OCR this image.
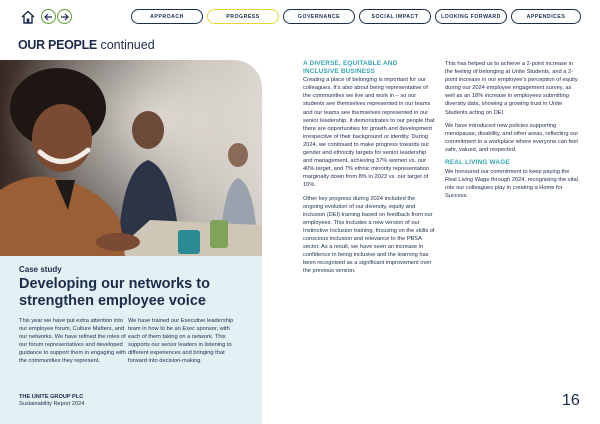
APPROACH	PROGRESS	GOVERNANCE	SOCIAL IMPACT	LOOKING FORWARD	APPENDICES
OUR PEOPLE continued
Case study
Developing our networks to strengthen employee voice
This year we have put extra attention into our employee forum, Culture Matters, and our networks. We have refined the roles of our forum representatives and developed guidance to support them in engaging with the communities they represent.
We have trained our Executive leadership team in how to be an Exec sponsor, with each of them taking on a network. This supports our senior leaders in listening to different experiences and bringing that forward into decision-making.
THE UNITE GROUP PLC
Sustainability Report 2024

A DIVERSE, EQUITABLE AND INCLUSIVE BUSINESS

Creating a place of belonging is important for our colleagues. It’s also about being representative of the communities we live and work in – so our students see themselves represented in our teams and our teams see themselves represented in our senior leadership. It demonstrates to our people that there are opportunities for growth and development irrespective of their background or identity. During 2024, we continued to make progress towards our gender and ethnicity targets for senior leadership and management, achieving 37% women vs. our 40% target, and 7% ethnic minority representation marginally down from 8% in 2023 vs. our target of 10%.

Other key progress during 2024 included the ongoing evolution of our diversity, equity and inclusion (DEI) training based on feedback from our employees. This includes a new version of our Instinctive Inclusion training, focusing on the skills of conscious inclusion and relevance to the PBSA sector. As a result, we have seen an increase in confidence in being inclusive and the learning has been recognised as a significant improvement over the previous version.

This has helped us to achieve a 2-point increase in the feeling of belonging at Unite Students, and a 2-point increase in our employee’s perception of equity during our 2024 employee engagement survey, as well as an 18% increase in employees submitting diversity data, showing a growing trust in Unite Students acting on DEI.

We have introduced new policies supporting menopause, disability, and other areas, reflecting our commitment to a workplace where everyone can feel safe, valued, and respected.

REAL LIVING WAGE

We honoured our commitment to keep paying the Real Living Wage through 2024, recognising the vital role our colleagues play in creating a Home for Success.

16
